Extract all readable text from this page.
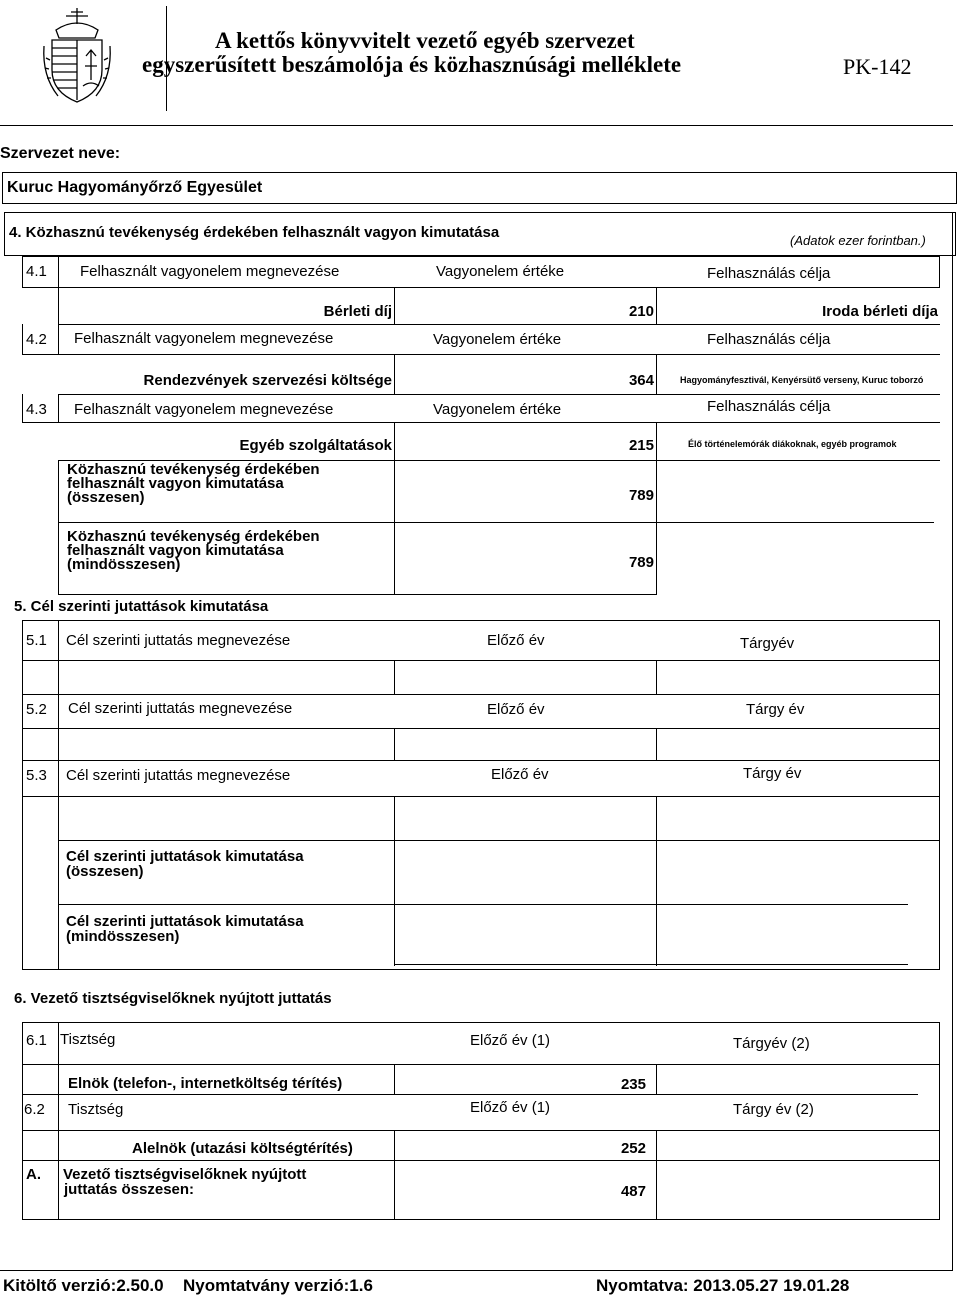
A kettős könyvvitelt vezető egyéb szervezet
egyszerűsített beszámolója és közhasznúsági melléklete	PK-142
Szervezet neve:
Kuruc Hagyományőrző Egyesület
4. Közhasznú tevékenység érdekében felhasznált vagyon kimutatása	(Adatok ezer forintban.)
4.1 Felhasznált vagyonelem megnevezése	Vagyonelem értéke	Felhasználás célja
Bérleti díj	210	Iroda bérleti díja
4.2 Felhasznált vagyonelem megnevezése	Vagyonelem értéke	Felhasználás célja
Rendezvények szervezési költsége	364	Hagyományfesztivál, Kenyérsütő verseny, Kuruc toborzó
4.3 Felhasznált vagyonelem megnevezése	Vagyonelem értéke	Felhasználás célja
Egyéb szolgáltatások	215	Élő történelemórák diákoknak, egyéb programok
Közhasznú tevékenység érdekében
felhasznált vagyon kimutatása
(összesen)	789
Közhasznú tevékenység érdekében
felhasznált vagyon kimutatása
(mindösszesen)	789
5. Cél szerinti jutattások kimutatása
5.1 Cél szerinti juttatás megnevezése	Előző év	Tárgyév
5.2 Cél szerinti juttatás megnevezése	Előző év	Tárgy év
5.3 Cél szerinti jutattás megnevezése	Előző év	Tárgy év
Cél szerinti juttatások kimutatása
(összesen)
Cél szerinti juttatások kimutatása
(mindösszesen)
6. Vezető tisztségviselőknek nyújtott juttatás
6.1 Tisztség	Előző év (1)	Tárgyév (2)
Elnök (telefon-, internetköltség térítés)	235
6.2 Tisztség	Előző év (1)	Tárgy év (2)
Alelnök (utazási költségtérítés)	252
A. Vezető tisztségviselőknek nyújtott
juttatás összesen:	487
Kitöltő verzió:2.50.0 Nyomtatvány verzió:1.6	Nyomtatva: 2013.05.27 19.01.28
